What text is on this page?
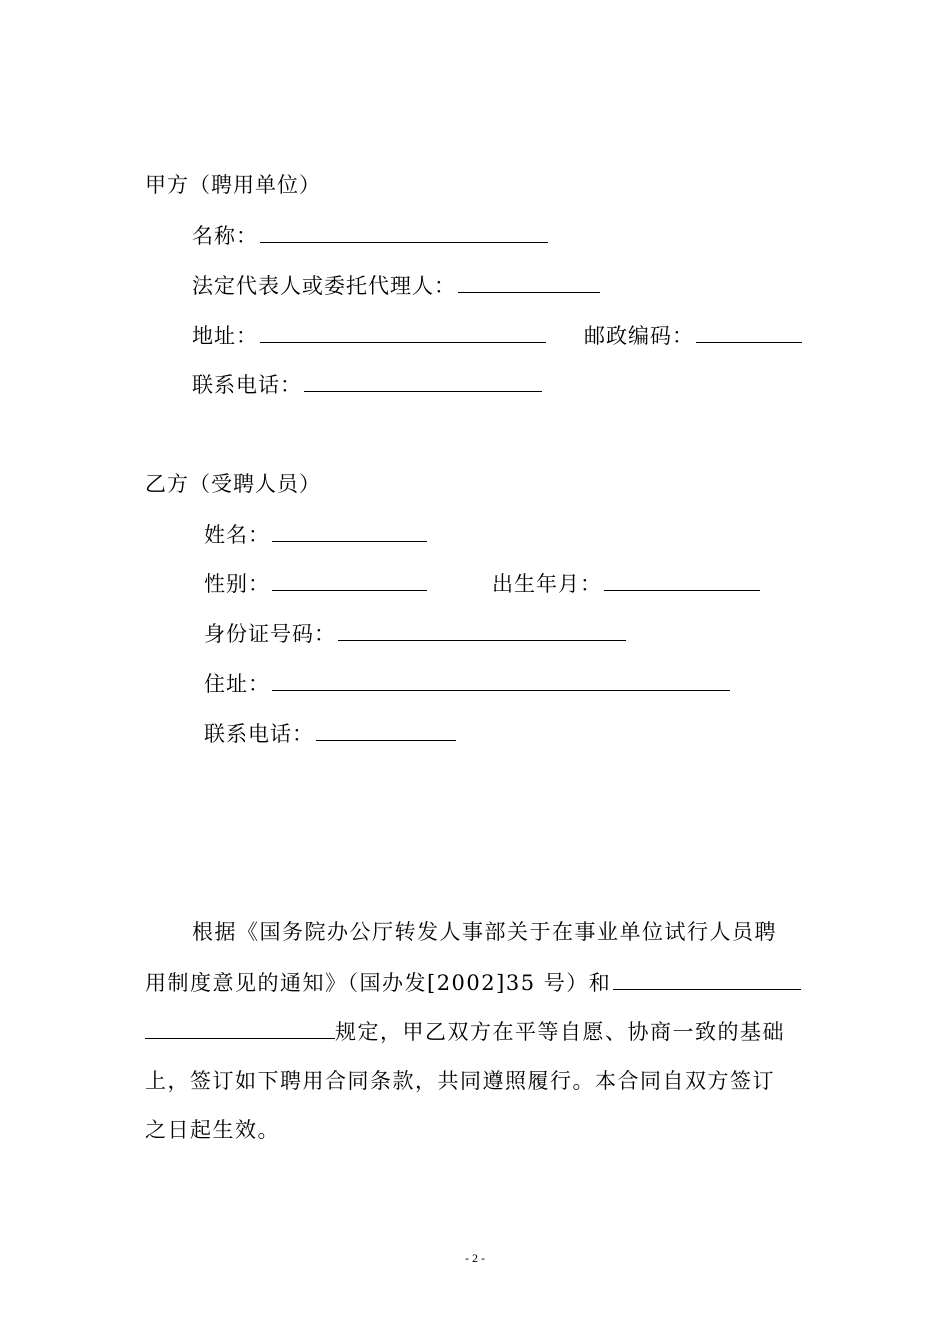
甲方（聘用单位）
名称：
法定代表人或委托代理人：
地址：	邮政编码：
联系电话：
乙方（受聘人员）
姓名：
性别：	出生年月：
身份证号码：
住址：
联系电话：
根据《国务院办公厅转发人事部关于在事业单位试行人员聘
用制度意见的通知》（国办发[2002]35 号）和
规定，甲乙双方在平等自愿、协商一致的基础
上，签订如下聘用合同条款，共同遵照履行。本合同自双方签订
之日起生效。
- 2 -
